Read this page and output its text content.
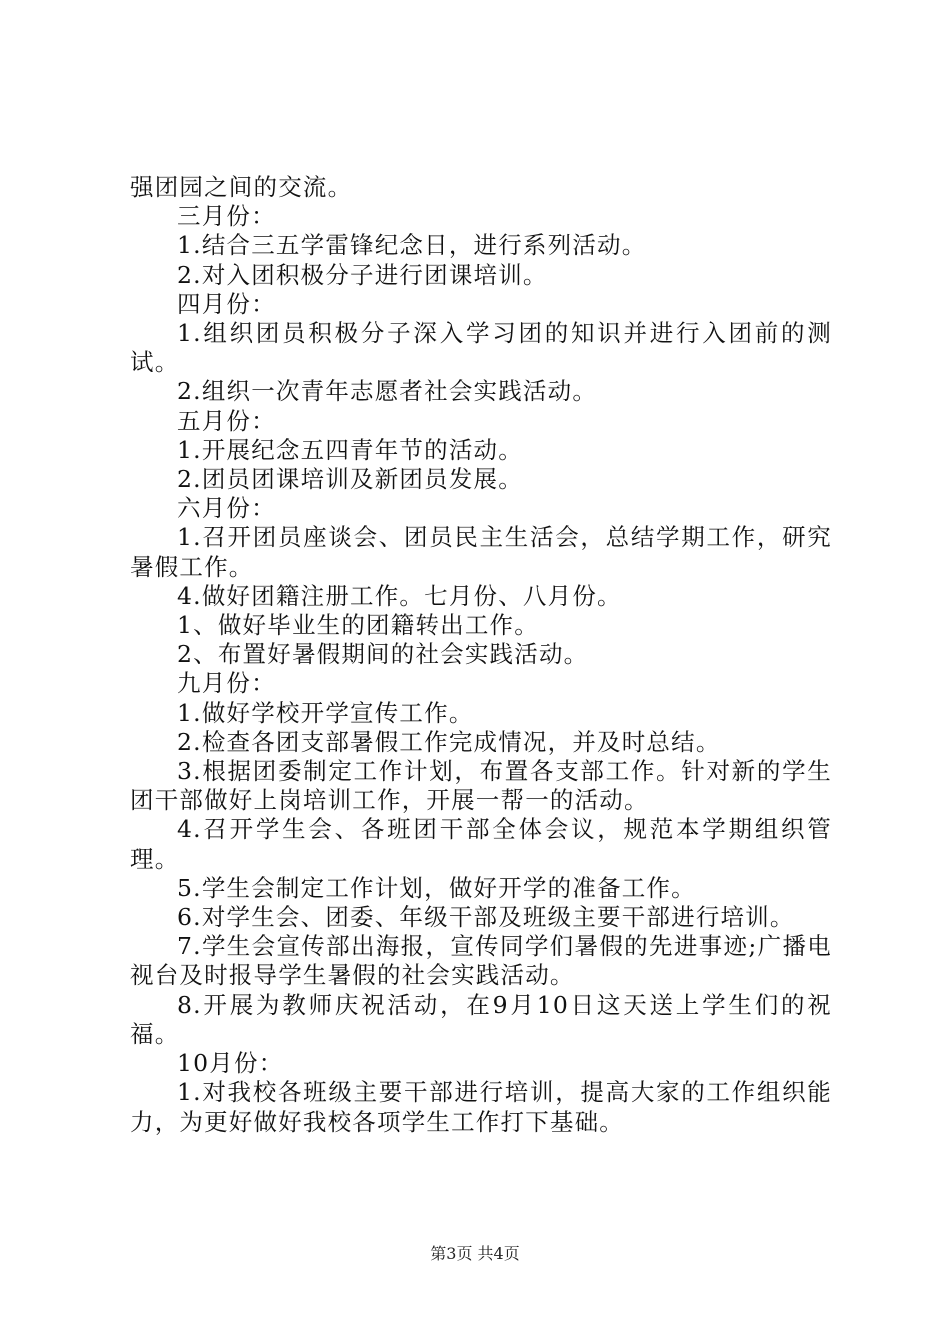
强团园之间的交流。

三月份：

1.结合三五学雷锋纪念日，进行系列活动。

2.对入团积极分子进行团课培训。

四月份：

1.组织团员积极分子深入学习团的知识并进行入团前的测试。

2.组织一次青年志愿者社会实践活动。

五月份：

1.开展纪念五四青年节的活动。

2.团员团课培训及新团员发展。

六月份：

1.召开团员座谈会、团员民主生活会，总结学期工作，研究暑假工作。

4.做好团籍注册工作。七月份、八月份。

1、做好毕业生的团籍转出工作。

2、布置好暑假期间的社会实践活动。

九月份：

1.做好学校开学宣传工作。

2.检查各团支部暑假工作完成情况，并及时总结。

3.根据团委制定工作计划，布置各支部工作。针对新的学生团干部做好上岗培训工作，开展一帮一的活动。

4.召开学生会、各班团干部全体会议，规范本学期组织管理。

5.学生会制定工作计划，做好开学的准备工作。

6.对学生会、团委、年级干部及班级主要干部进行培训。

7.学生会宣传部出海报，宣传同学们暑假的先进事迹;广播电视台及时报导学生暑假的社会实践活动。

8.开展为教师庆祝活动，在9月10日这天送上学生们的祝福。

10月份：

1.对我校各班级主要干部进行培训，提高大家的工作组织能力，为更好做好我校各项学生工作打下基础。

第3页 共4页
